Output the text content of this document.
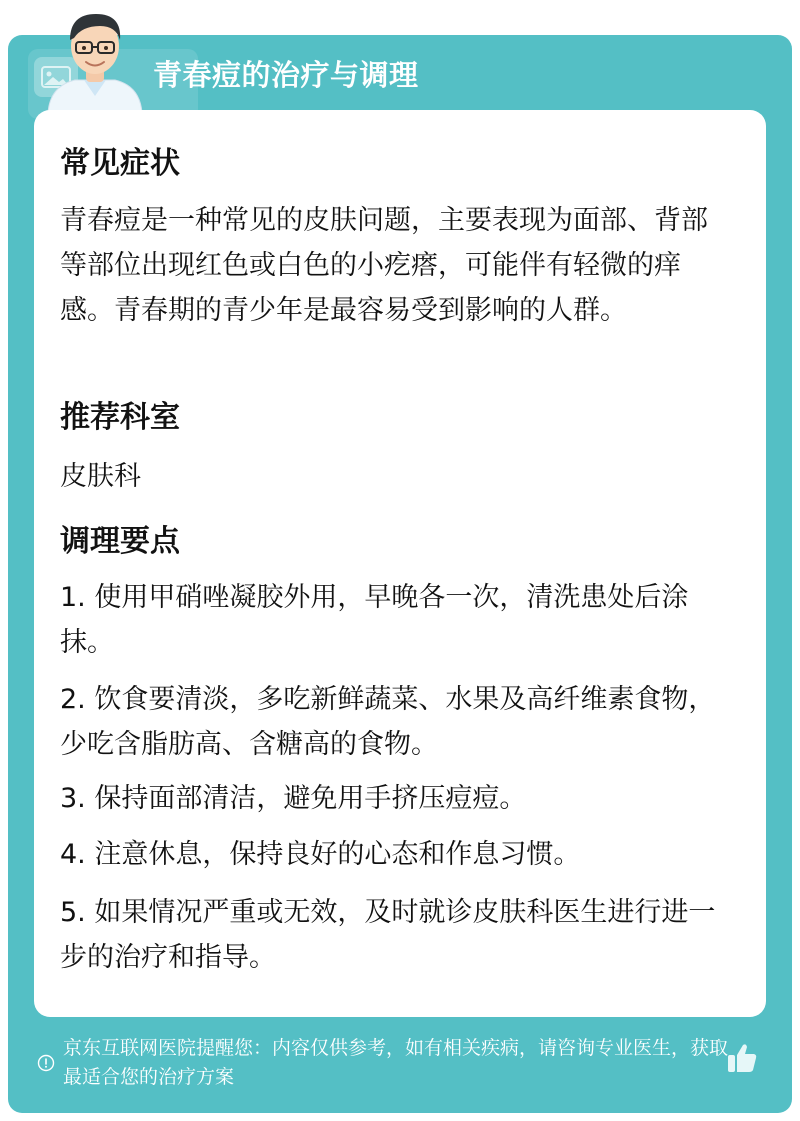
青春痘的治疗与调理
常见症状
青春痘是一种常见的皮肤问题，主要表现为面部、背部等部位出现红色或白色的小疙瘩，可能伴有轻微的痒感。青春期的青少年是最容易受到影响的人群。
推荐科室
皮肤科
调理要点
1. 使用甲硝唑凝胶外用，早晚各一次，清洗患处后涂抹。
2. 饮食要清淡，多吃新鲜蔬菜、水果及高纤维素食物，少吃含脂肪高、含糖高的食物。
3. 保持面部清洁，避免用手挤压痘痘。
4. 注意休息，保持良好的心态和作息习惯。
5. 如果情况严重或无效，及时就诊皮肤科医生进行进一步的治疗和指导。
京东互联网医院提醒您：内容仅供参考，如有相关疾病，请咨询专业医生，获取最适合您的治疗方案
